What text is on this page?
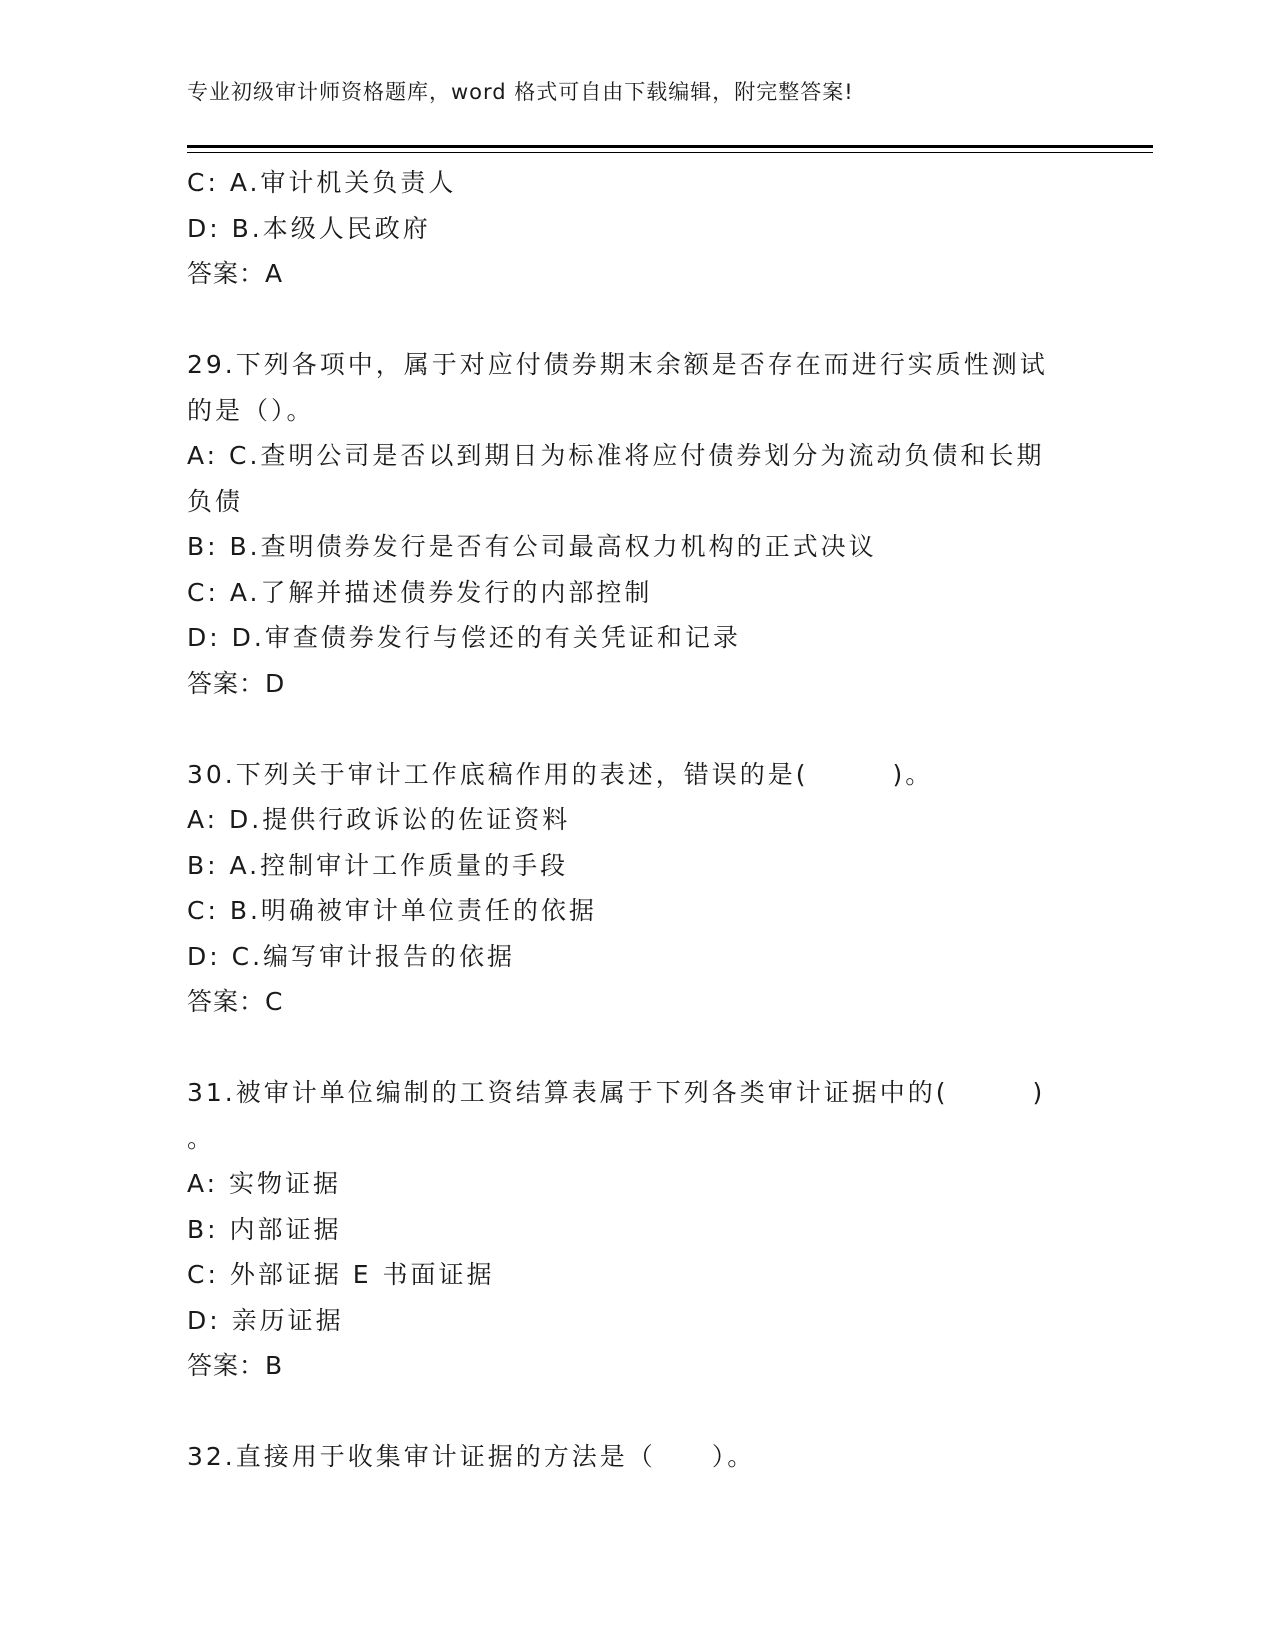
专业初级审计师资格题库，word 格式可自由下载编辑，附完整答案!
C: A.审计机关负责人
D: B.本级人民政府
答案：A
29.下列各项中，属于对应付债券期末余额是否存在而进行实质性测试
的是（）。
A: C.查明公司是否以到期日为标准将应付债券划分为流动负债和长期
负债
B: B.查明债券发行是否有公司最高权力机构的正式决议
C: A.了解并描述债券发行的内部控制
D: D.审查债券发行与偿还的有关凭证和记录
答案：D
30.下列关于审计工作底稿作用的表述，错误的是(　　　)。
A: D.提供行政诉讼的佐证资料
B: A.控制审计工作质量的手段
C: B.明确被审计单位责任的依据
D: C.编写审计报告的依据
答案：C
31.被审计单位编制的工资结算表属于下列各类审计证据中的(　　　)
。
A: 实物证据
B: 内部证据
C: 外部证据 E 书面证据
D: 亲历证据
答案：B
32.直接用于收集审计证据的方法是（　　）。
